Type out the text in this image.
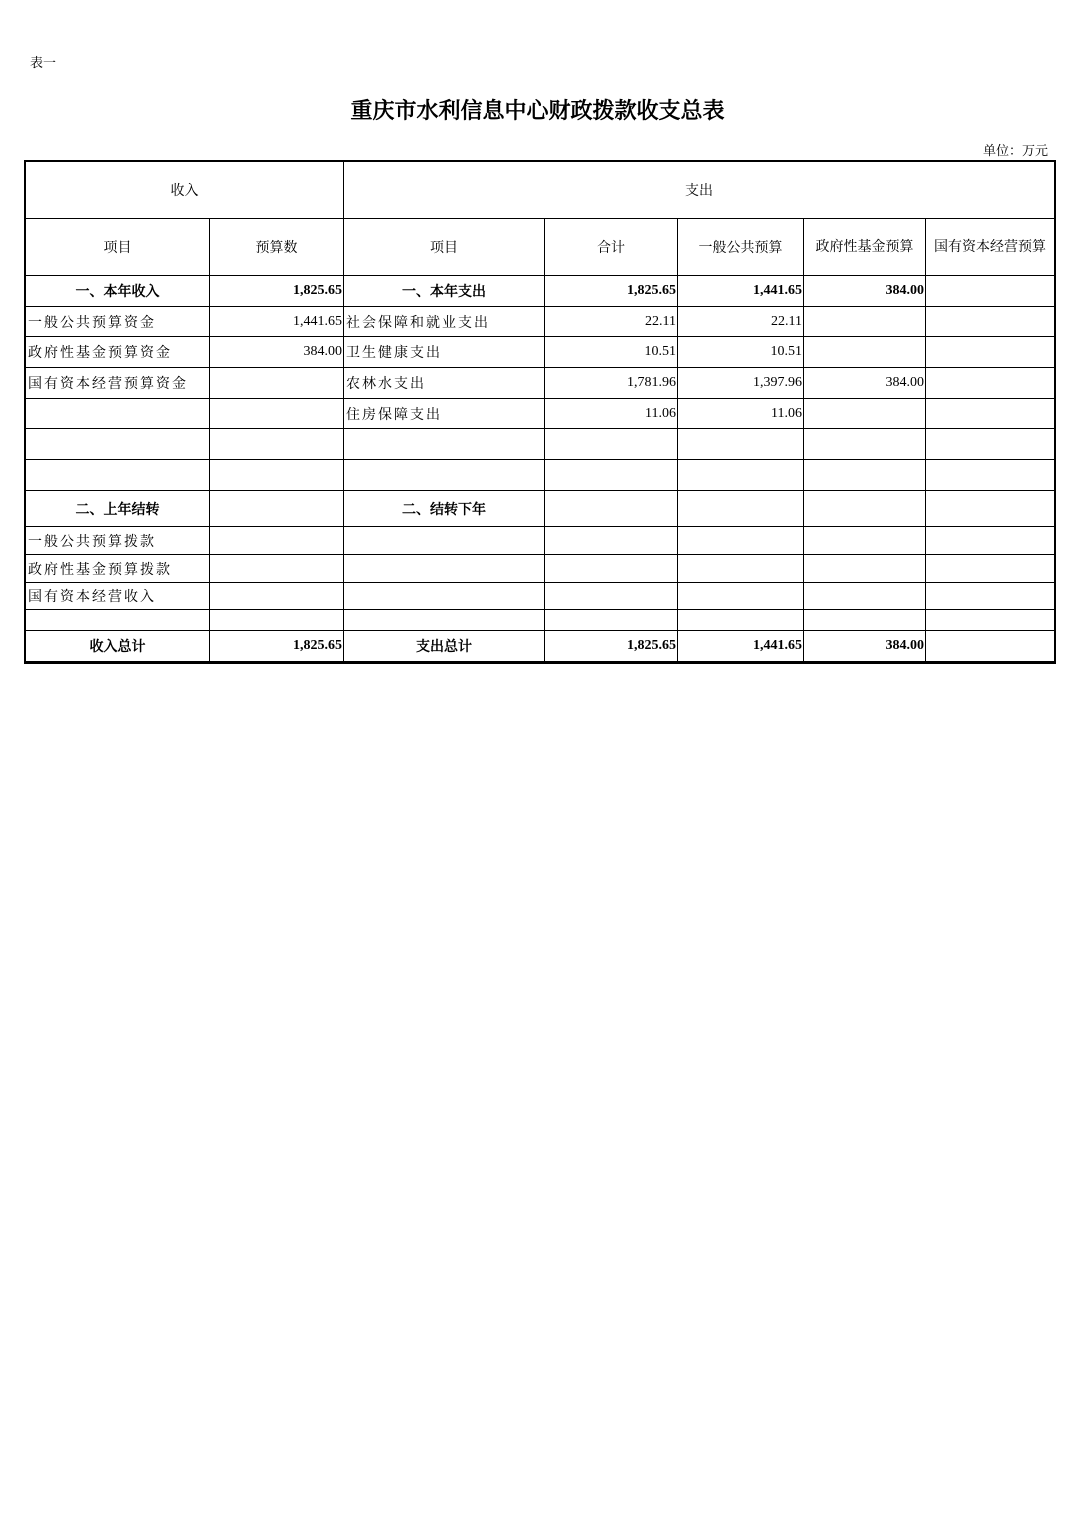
表一
重庆市水利信息中心财政拨款收支总表
单位：万元
收入		支出				
项目	预算数	项目	合计	一般公共预算	政府性基金预算	国有资本经营预算
一、本年收入	1,825.65	一、本年支出	1,825.65	1,441.65	384.00	
一般公共预算资金	1,441.65	社会保障和就业支出	22.11	22.11		
政府性基金预算资金	384.00	卫生健康支出	10.51	10.51		
国有资本经营预算资金		农林水支出	1,781.96	1,397.96	384.00	
		住房保障支出	11.06	11.06		

二、上年结转		二、结转下年				
一般公共预算拨款						
政府性基金预算拨款						
国有资本经营收入						

收入总计	1,825.65	支出总计	1,825.65	1,441.65	384.00	
